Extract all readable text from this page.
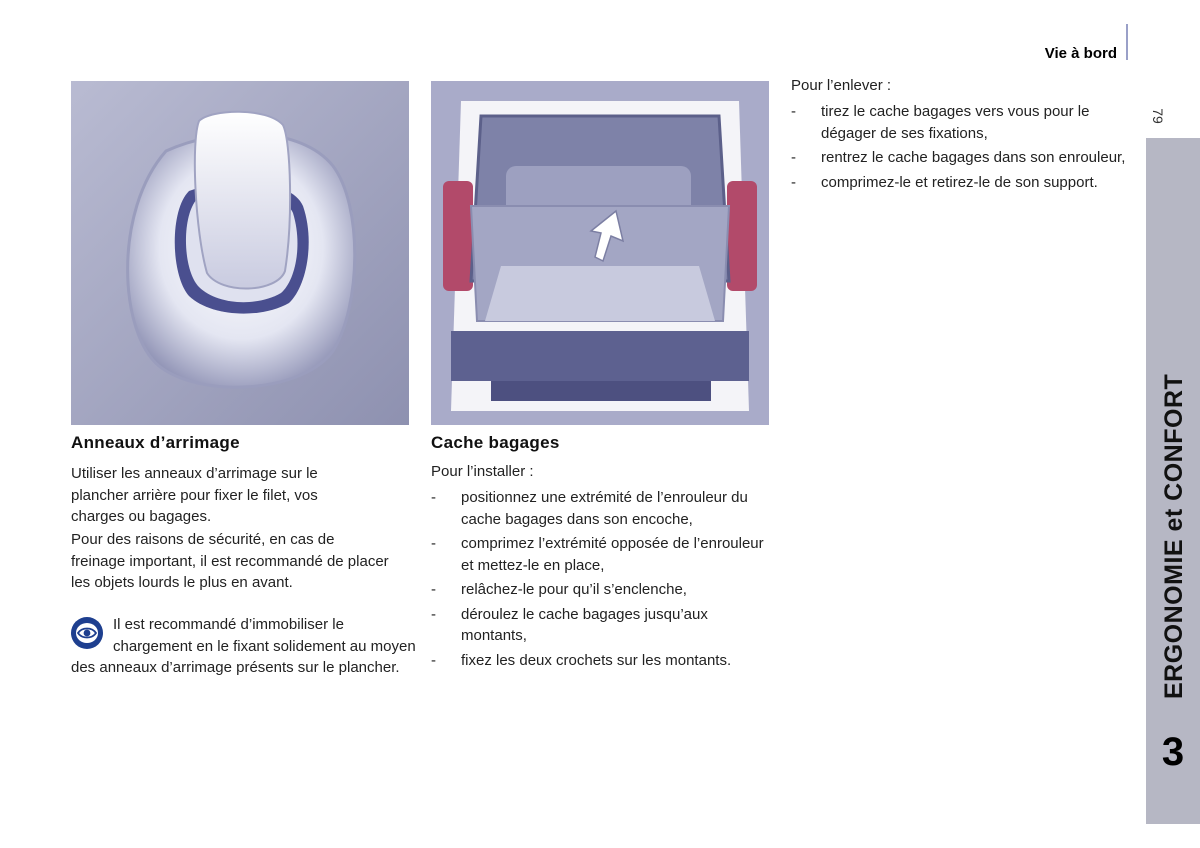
Vie à bord
79
ERGONOMIE et CONFORT
3
Anneaux d’arrimage

Utiliser les anneaux d’arrimage sur le plancher arrière pour fixer le filet, vos charges ou bagages.

Pour des raisons de sécurité, en cas de freinage important, il est recommandé de placer les objets lourds le plus en avant.

Il est recommandé d’immobiliser le chargement en le fixant solidement au moyen des anneaux d’arrimage présents sur le plancher.
Cache bagages

Pour l’installer :

- positionnez une extrémité de l’enrouleur du cache bagages dans son encoche,
- comprimez l’extrémité opposée de l’enrouleur et mettez-le en place,
- relâchez-le pour qu’il s’enclenche,
- déroulez le cache bagages jusqu’aux montants,
- fixez les deux crochets sur les montants.

Pour l’enlever :

- tirez le cache bagages vers vous pour le dégager de ses fixations,
- rentrez le cache bagages dans son enrouleur,
- comprimez-le et retirez-le de son support.
